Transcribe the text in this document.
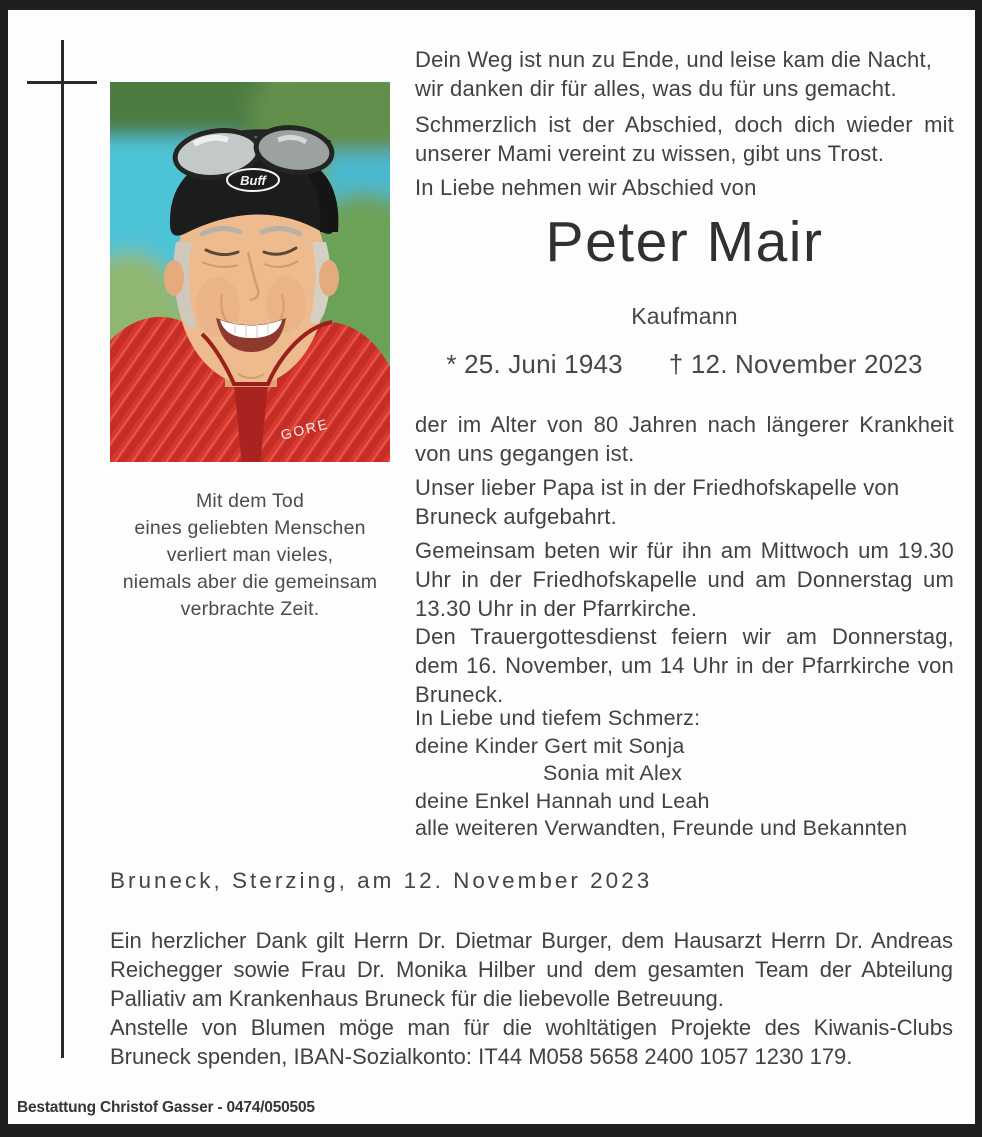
Buff
GORE
Mit dem Tod
eines geliebten Menschen
verliert man vieles,
niemals aber die gemeinsam
verbrachte Zeit.
Dein Weg ist nun zu Ende, und leise kam die Nacht,
wir danken dir für alles, was du für uns gemacht.
Schmerzlich ist der Abschied, doch dich wieder mit unserer Mami vereint zu wissen, gibt uns Trost.
In Liebe nehmen wir Abschied von
Peter Mair
Kaufmann
* 25. Juni 1943 † 12. November 2023
der im Alter von 80 Jahren nach längerer Krankheit von uns gegangen ist.
Unser lieber Papa ist in der Friedhofskapelle von Bruneck aufgebahrt.
Gemeinsam beten wir für ihn am Mittwoch um 19.30 Uhr in der Friedhofskapelle und am Donnerstag um 13.30 Uhr in der Pfarrkirche.
Den Trauergottesdienst feiern wir am Donnerstag, dem 16. November, um 14 Uhr in der Pfarrkirche von Bruneck.
In Liebe und tiefem Schmerz:
deine Kinder Gert mit Sonja
Sonia mit Alex
deine Enkel Hannah und Leah
alle weiteren Verwandten, Freunde und Bekannten
Bruneck, Sterzing, am 12. November 2023
Ein herzlicher Dank gilt Herrn Dr. Dietmar Burger, dem Hausarzt Herrn Dr. Andreas Reichegger sowie Frau Dr. Monika Hilber und dem gesamten Team der Abteilung Palliativ am Krankenhaus Bruneck für die liebevolle Betreuung.
Anstelle von Blumen möge man für die wohltätigen Projekte des Kiwanis-Clubs Bruneck spenden, IBAN-Sozialkonto: IT44 M058 5658 2400 1057 1230 179.
Bestattung Christof Gasser - 0474/050505
